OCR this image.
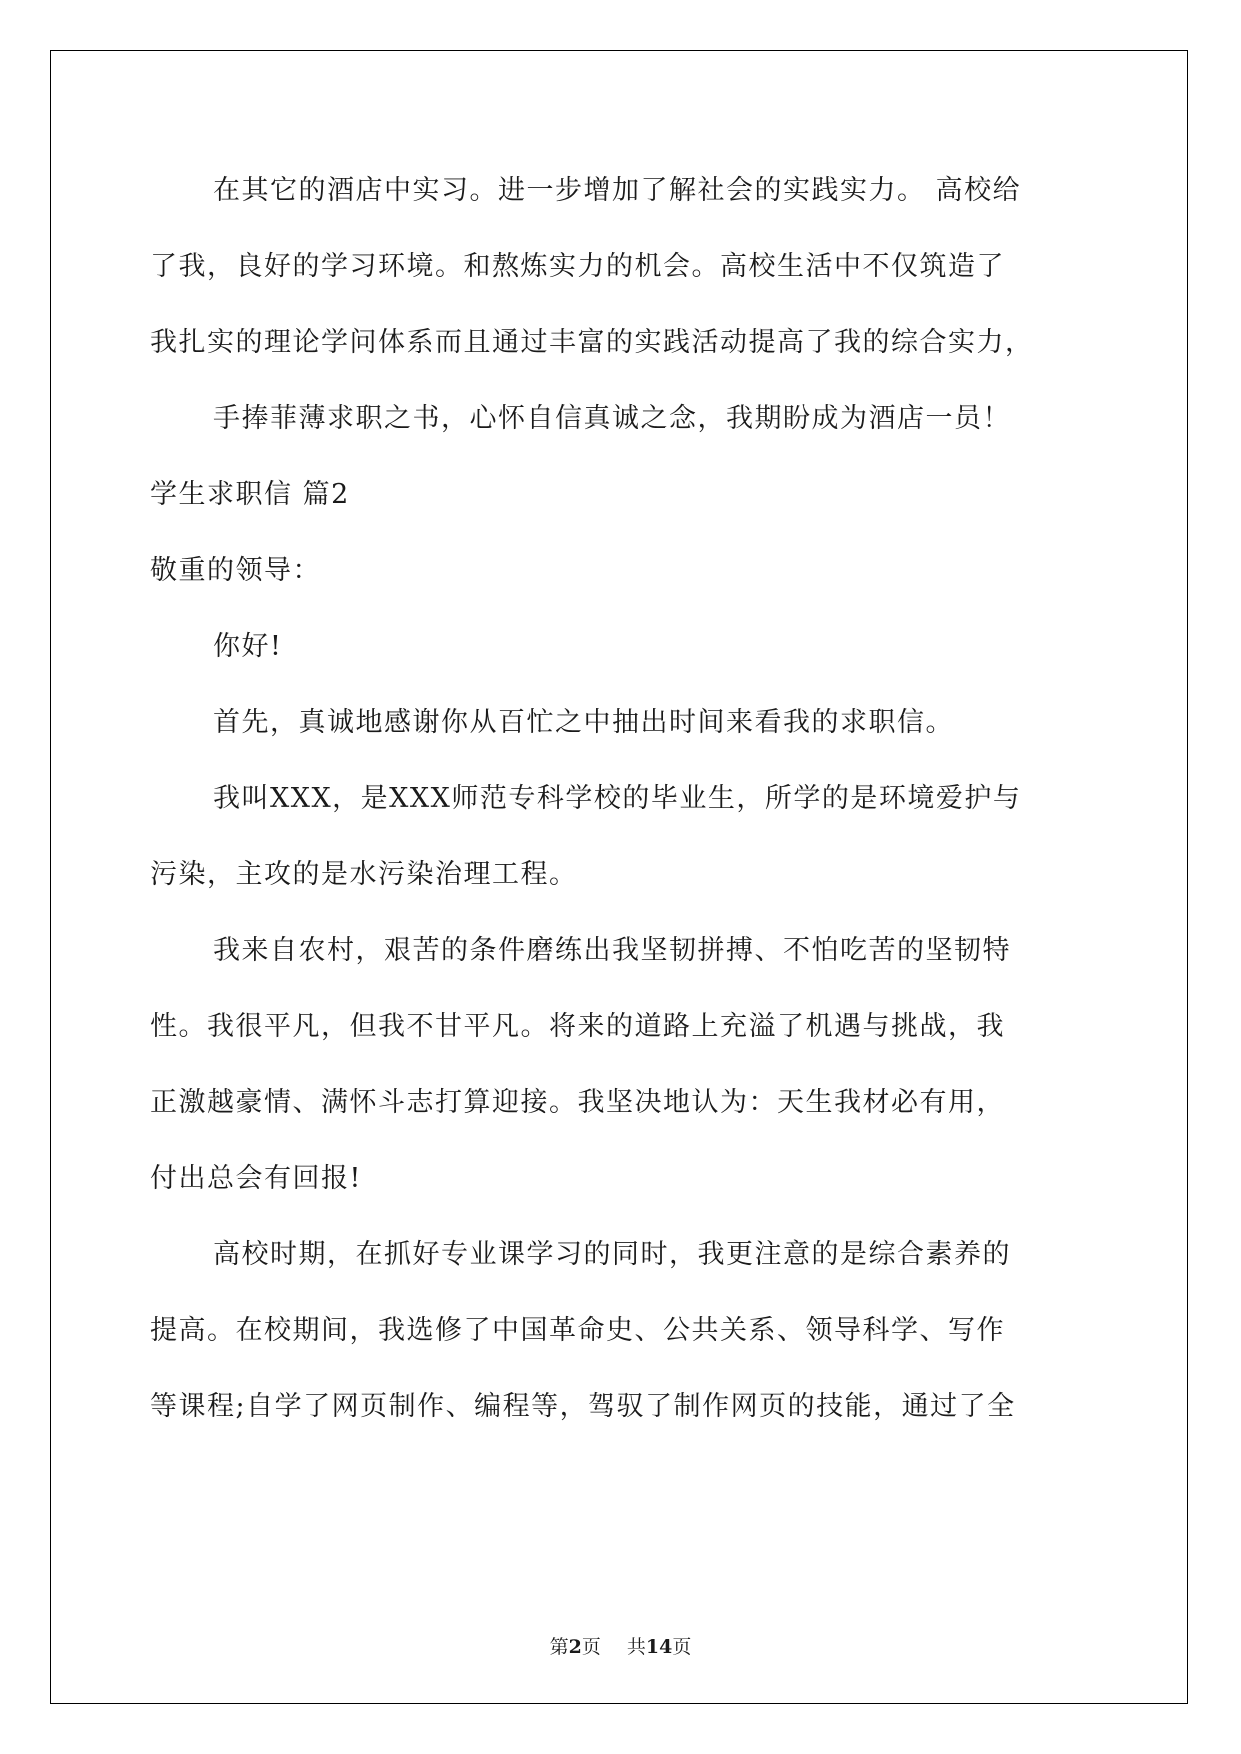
在其它的酒店中实习。进一步增加了解社会的实践实力。 高校给
了我，良好的学习环境。和熬炼实力的机会。高校生活中不仅筑造了
我扎实的理论学问体系而且通过丰富的实践活动提高了我的综合实力，
手捧菲薄求职之书，心怀自信真诚之念，我期盼成为酒店一员！
学生求职信 篇2
敬重的领导：
你好!
首先，真诚地感谢你从百忙之中抽出时间来看我的求职信。
我叫XXX，是XXX师范专科学校的毕业生，所学的是环境爱护与
污染，主攻的是水污染治理工程。
我来自农村，艰苦的条件磨练出我坚韧拼搏、不怕吃苦的坚韧特
性。我很平凡，但我不甘平凡。将来的道路上充溢了机遇与挑战，我
正激越豪情、满怀斗志打算迎接。我坚决地认为：天生我材必有用，
付出总会有回报!
高校时期，在抓好专业课学习的同时，我更注意的是综合素养的
提高。在校期间，我选修了中国革命史、公共关系、领导科学、写作
等课程;自学了网页制作、编程等，驾驭了制作网页的技能，通过了全
第2页 共14页
